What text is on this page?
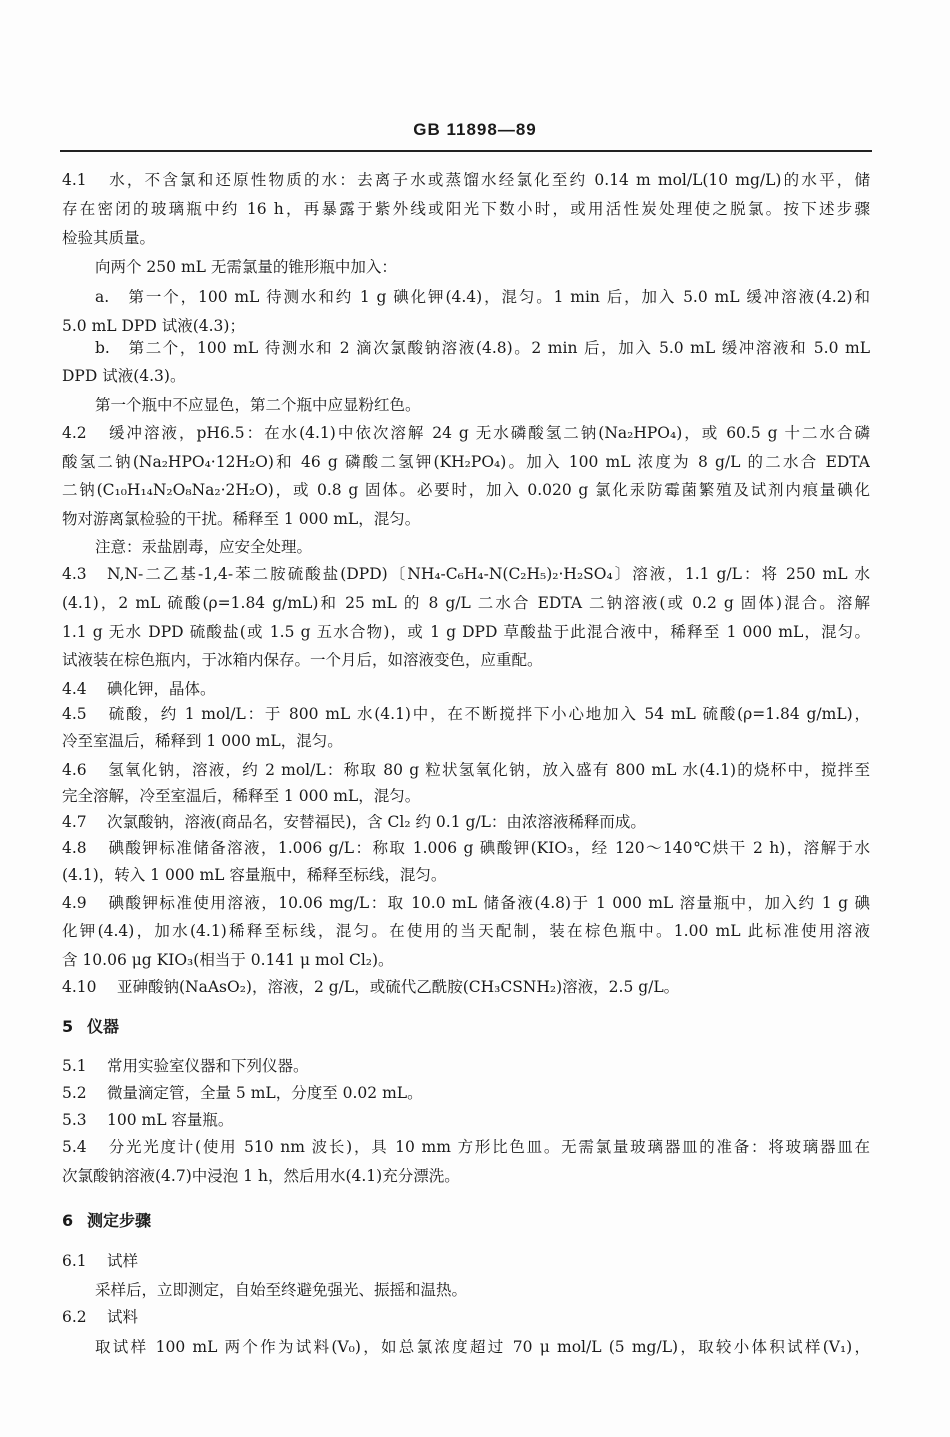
GB 11898—89
4.1 水，不含氯和还原性物质的水：去离子水或蒸馏水经氯化至约 0.14 m mol/L(10 mg/L)的水平，储
存在密闭的玻璃瓶中约 16 h，再暴露于紫外线或阳光下数小时，或用活性炭处理使之脱氯。按下述步骤
检验其质量。
向两个 250 mL 无需氯量的锥形瓶中加入：
a.　第一个，100 mL 待测水和约 1 g 碘化钾(4.4)，混匀。1 min 后，加入 5.0 mL 缓冲溶液(4.2)和
5.0 mL DPD 试液(4.3)；
b.　第二个，100 mL 待测水和 2 滴次氯酸钠溶液(4.8)。2 min 后，加入 5.0 mL 缓冲溶液和 5.0 mL
DPD 试液(4.3)。
第一个瓶中不应显色，第二个瓶中应显粉红色。
4.2 缓冲溶液，pH6.5：在水(4.1)中依次溶解 24 g 无水磷酸氢二钠(Na₂HPO₄)，或 60.5 g 十二水合磷
酸氢二钠(Na₂HPO₄·12H₂O)和 46 g 磷酸二氢钾(KH₂PO₄)。加入 100 mL 浓度为 8 g/L 的二水合 EDTA
二钠(C₁₀H₁₄N₂O₈Na₂·2H₂O)，或 0.8 g 固体。必要时，加入 0.020 g 氯化汞防霉菌繁殖及试剂内痕量碘化
物对游离氯检验的干扰。稀释至 1 000 mL，混匀。
注意：汞盐剧毒，应安全处理。
4.3 N,N-二乙基-1,4-苯二胺硫酸盐(DPD)〔NH₄-C₆H₄-N(C₂H₅)₂·H₂SO₄〕溶液，1.1 g/L：将 250 mL 水
(4.1)，2 mL 硫酸(ρ=1.84 g/mL)和 25 mL 的 8 g/L 二水合 EDTA 二钠溶液(或 0.2 g 固体)混合。溶解
1.1 g 无水 DPD 硫酸盐(或 1.5 g 五水合物)，或 1 g DPD 草酸盐于此混合液中，稀释至 1 000 mL，混匀。
试液装在棕色瓶内，于冰箱内保存。一个月后，如溶液变色，应重配。
4.4 碘化钾，晶体。
4.5 硫酸，约 1 mol/L：于 800 mL 水(4.1)中，在不断搅拌下小心地加入 54 mL 硫酸(ρ=1.84 g/mL)，
冷至室温后，稀释到 1 000 mL，混匀。
4.6 氢氧化钠，溶液，约 2 mol/L：称取 80 g 粒状氢氧化钠，放入盛有 800 mL 水(4.1)的烧杯中，搅拌至
完全溶解，冷至室温后，稀释至 1 000 mL，混匀。
4.7 次氯酸钠，溶液(商品名，安替福民)，含 Cl₂ 约 0.1 g/L：由浓溶液稀释而成。
4.8 碘酸钾标准储备溶液，1.006 g/L：称取 1.006 g 碘酸钾(KIO₃，经 120～140℃烘干 2 h)，溶解于水
(4.1)，转入 1 000 mL 容量瓶中，稀释至标线，混匀。
4.9 碘酸钾标准使用溶液，10.06 mg/L：取 10.0 mL 储备液(4.8)于 1 000 mL 溶量瓶中，加入约 1 g 碘
化钾(4.4)，加水(4.1)稀释至标线，混匀。在使用的当天配制，装在棕色瓶中。1.00 mL 此标准使用溶液
含 10.06 μg KIO₃(相当于 0.141 μ mol Cl₂)。
4.10 亚砷酸钠(NaAsO₂)，溶液，2 g/L，或硫代乙酰胺(CH₃CSNH₂)溶液，2.5 g/L。
5 仪器
5.1 常用实验室仪器和下列仪器。
5.2 微量滴定管，全量 5 mL，分度至 0.02 mL。
5.3 100 mL 容量瓶。
5.4 分光光度计(使用 510 nm 波长)，具 10 mm 方形比色皿。无需氯量玻璃器皿的准备：将玻璃器皿在
次氯酸钠溶液(4.7)中浸泡 1 h，然后用水(4.1)充分漂洗。
6 测定步骤
6.1 试样
采样后，立即测定，自始至终避免强光、振摇和温热。
6.2 试料
取试样 100 mL 两个作为试料(V₀)，如总氯浓度超过 70 μ mol/L (5 mg/L)，取较小体积试样(V₁)，
